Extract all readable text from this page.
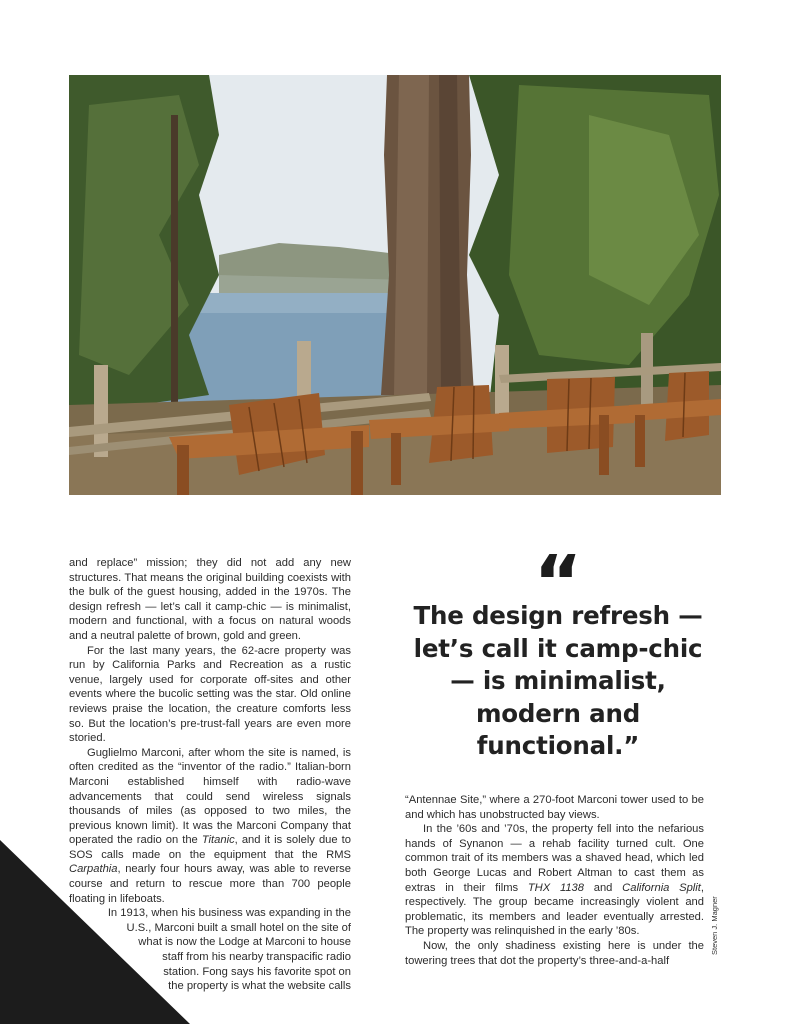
and replace” mission; they did not add any new structures. That means the original building coexists with the bulk of the guest housing, added in the 1970s. The design refresh — let’s call it camp-chic — is minimalist, modern and functional, with a focus on natural woods and a neutral palette of brown, gold and green.

For the last many years, the 62-acre property was run by California Parks and Recreation as a rustic venue, largely used for corporate off-sites and other events where the bucolic setting was the star. Old online reviews praise the location, the creature comforts less so. But the location’s pre-trust-fall years are even more storied.

Guglielmo Marconi, after whom the site is named, is often credited as the “inventor of the radio.” Italian-born Marconi established himself with radio-wave advancements that could send wireless signals thousands of miles (as opposed to two miles, the previous known limit). It was the Marconi Company that operated the radio on the Titanic, and it is solely due to SOS calls made on the equipment that the RMS Carpathia, nearly four hours away, was able to reverse course and return to rescue more than 700 people floating in lifeboats.

In 1913, when his business was expanding in the
U.S., Marconi built a small hotel on the site of
what is now the Lodge at Marconi to house
staff from his nearby transpacific radio
station. Fong says his favorite spot on
the property is what the website calls

“
The design refresh — let’s call it camp-chic — is minimalist, modern and functional.”

“Antennae Site,” where a 270-foot Marconi tower used to be and which has unobstructed bay views.

In the ’60s and ’70s, the property fell into the nefarious hands of Synanon — a rehab facility turned cult. One common trait of its members was a shaved head, which led both George Lucas and Robert Altman to cast them as extras in their films THX 1138 and California Split, respectively. The group became increasingly violent and problematic, its members and leader eventually arrested. The property was relinquished in the early ’80s.

Now, the only shadiness existing here is under the towering trees that dot the property’s three-and-a-half

Steven J. Magner
